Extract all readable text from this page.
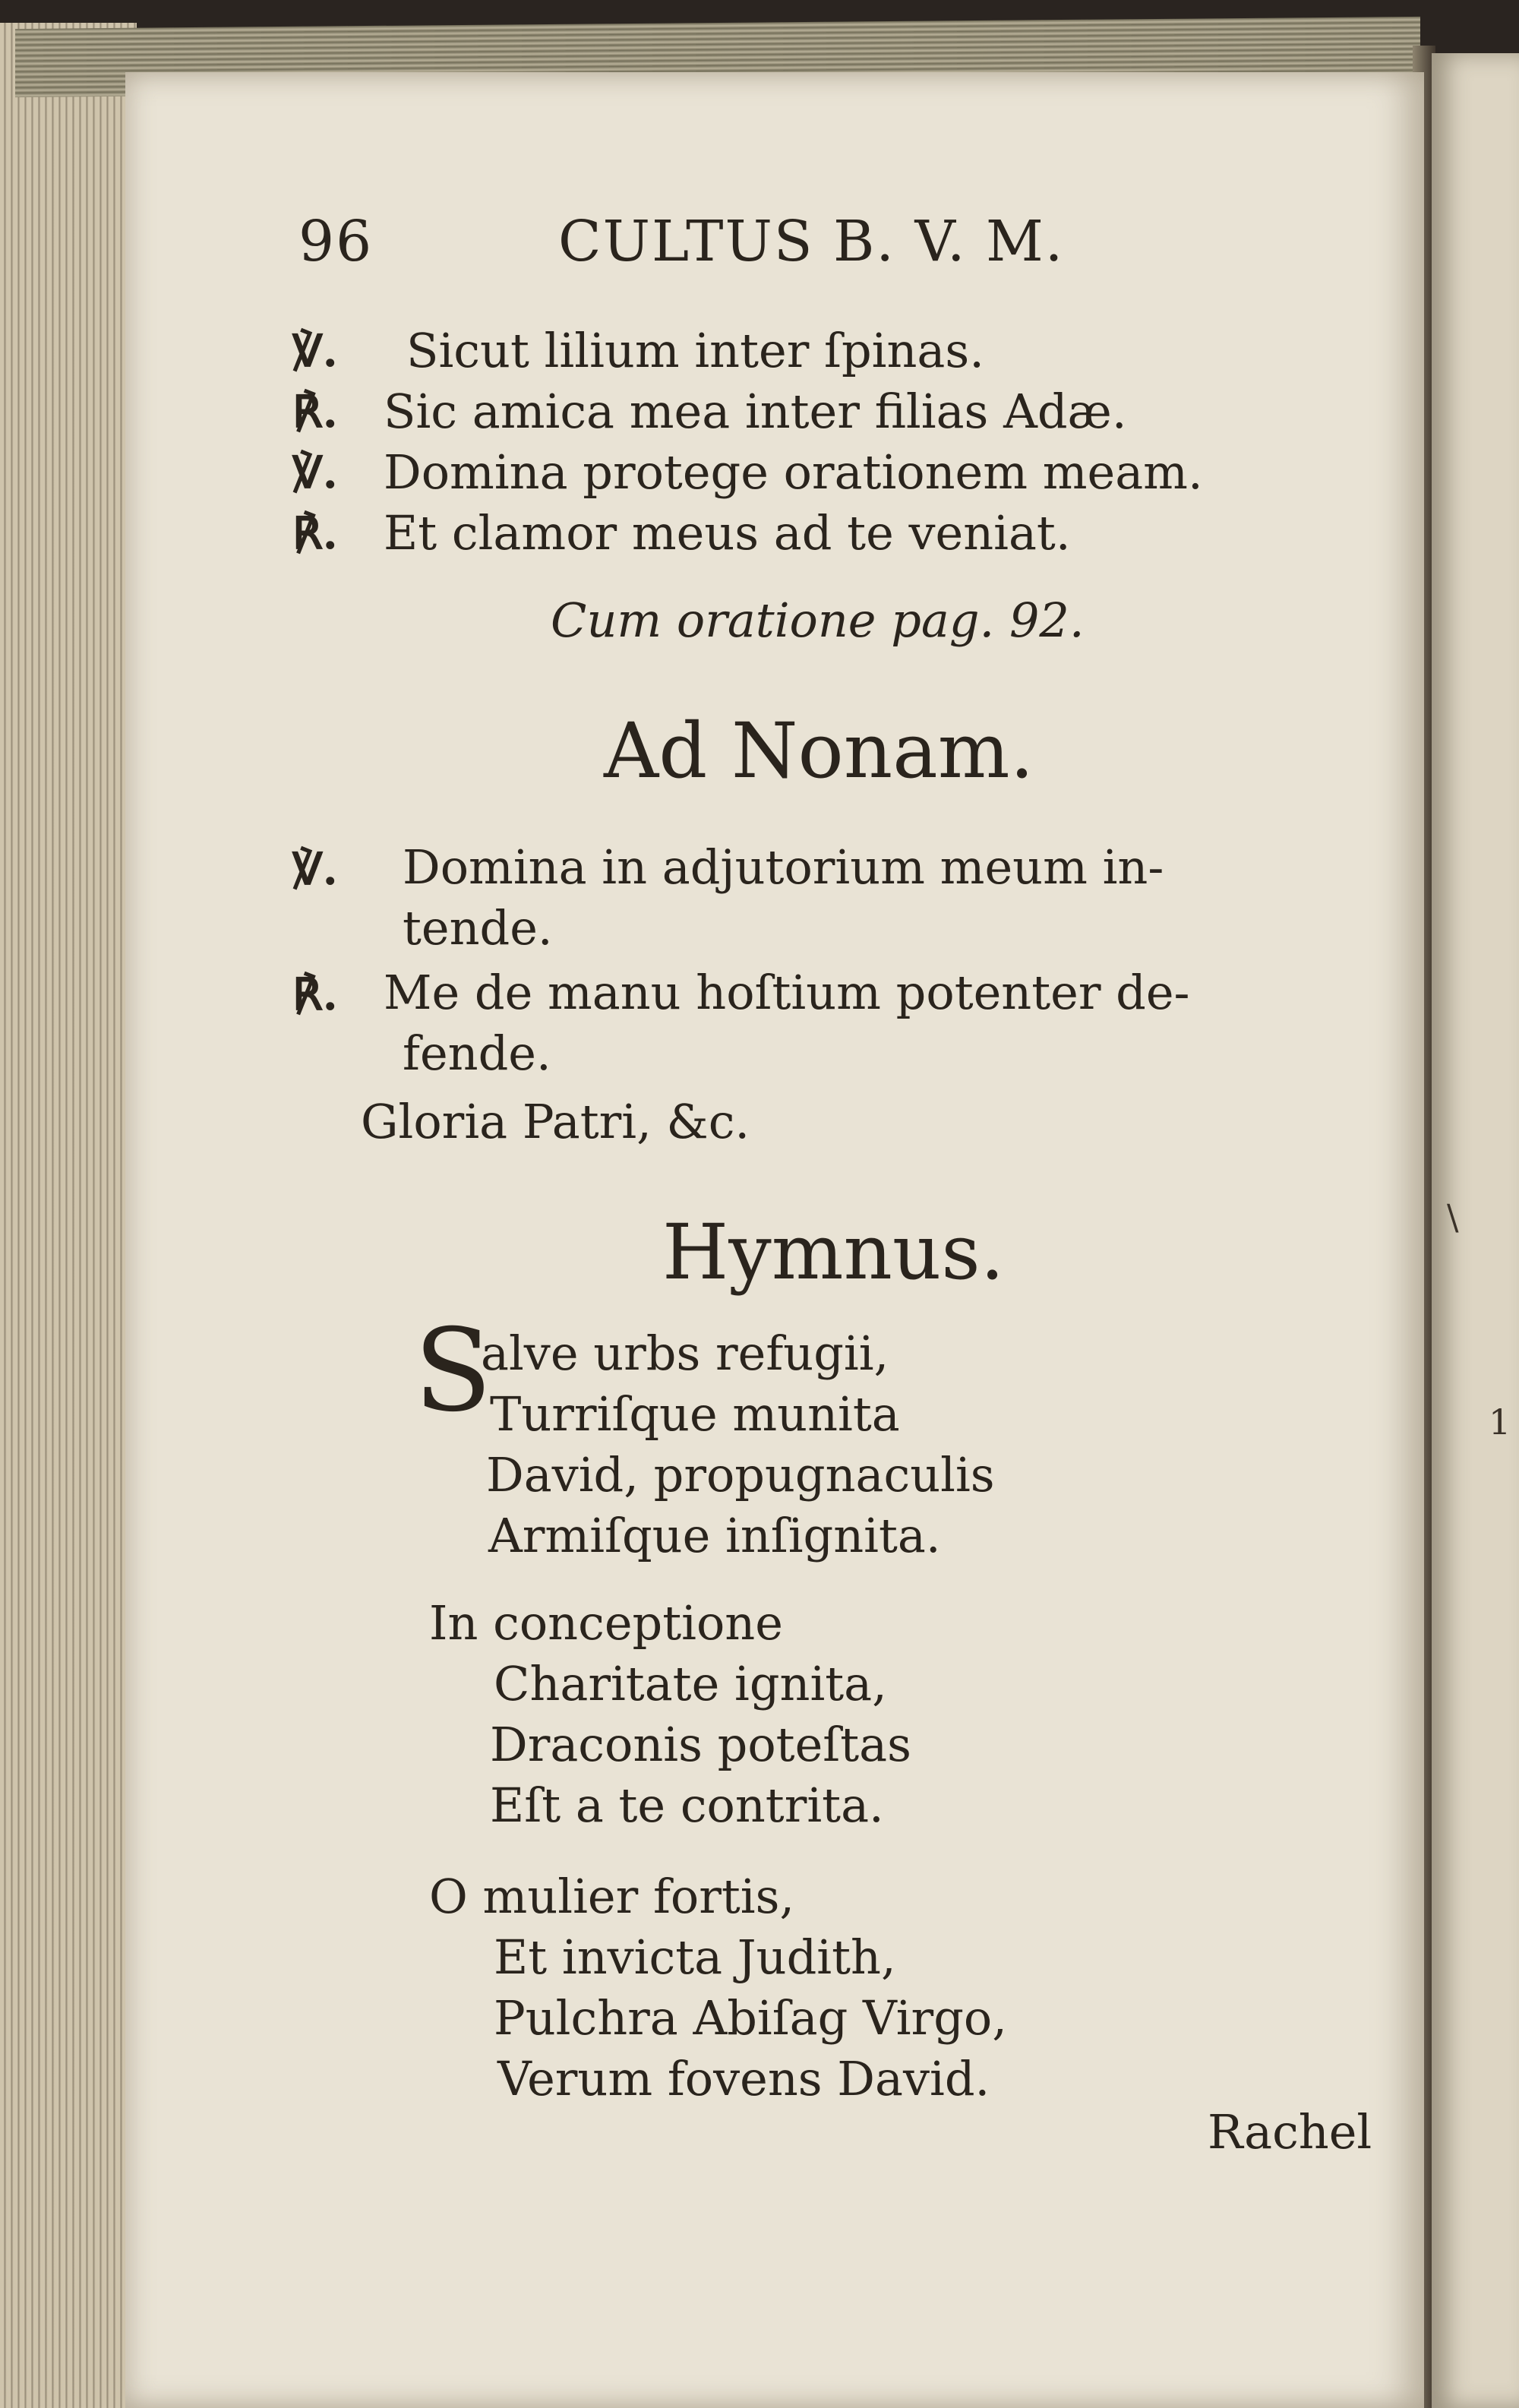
\
1
96	CULTUS B. V. M.
℣. Sicut lilium inter ſpinas.
℟. Sic amica mea inter filias Adæ.
℣. Domina protege orationem meam.
℟. Et clamor meus ad te veniat.
Cum oratione pag. 92.
Ad Nonam.
℣. Domina in adjutorium meum in-
tende.
℟. Me de manu hoſtium potenter de-
fende.
Gloria Patri, &c.
Hymnus.
S
alve urbs refugii,
Turriſque munita
David, propugnaculis
Armiſque inſignita.
In conceptione
Charitate ignita,
Draconis poteſtas
Eſt a te contrita.
O mulier fortis,
Et invicta Judith,
Pulchra Abiſag Virgo,
Verum fovens David.
Rachel
